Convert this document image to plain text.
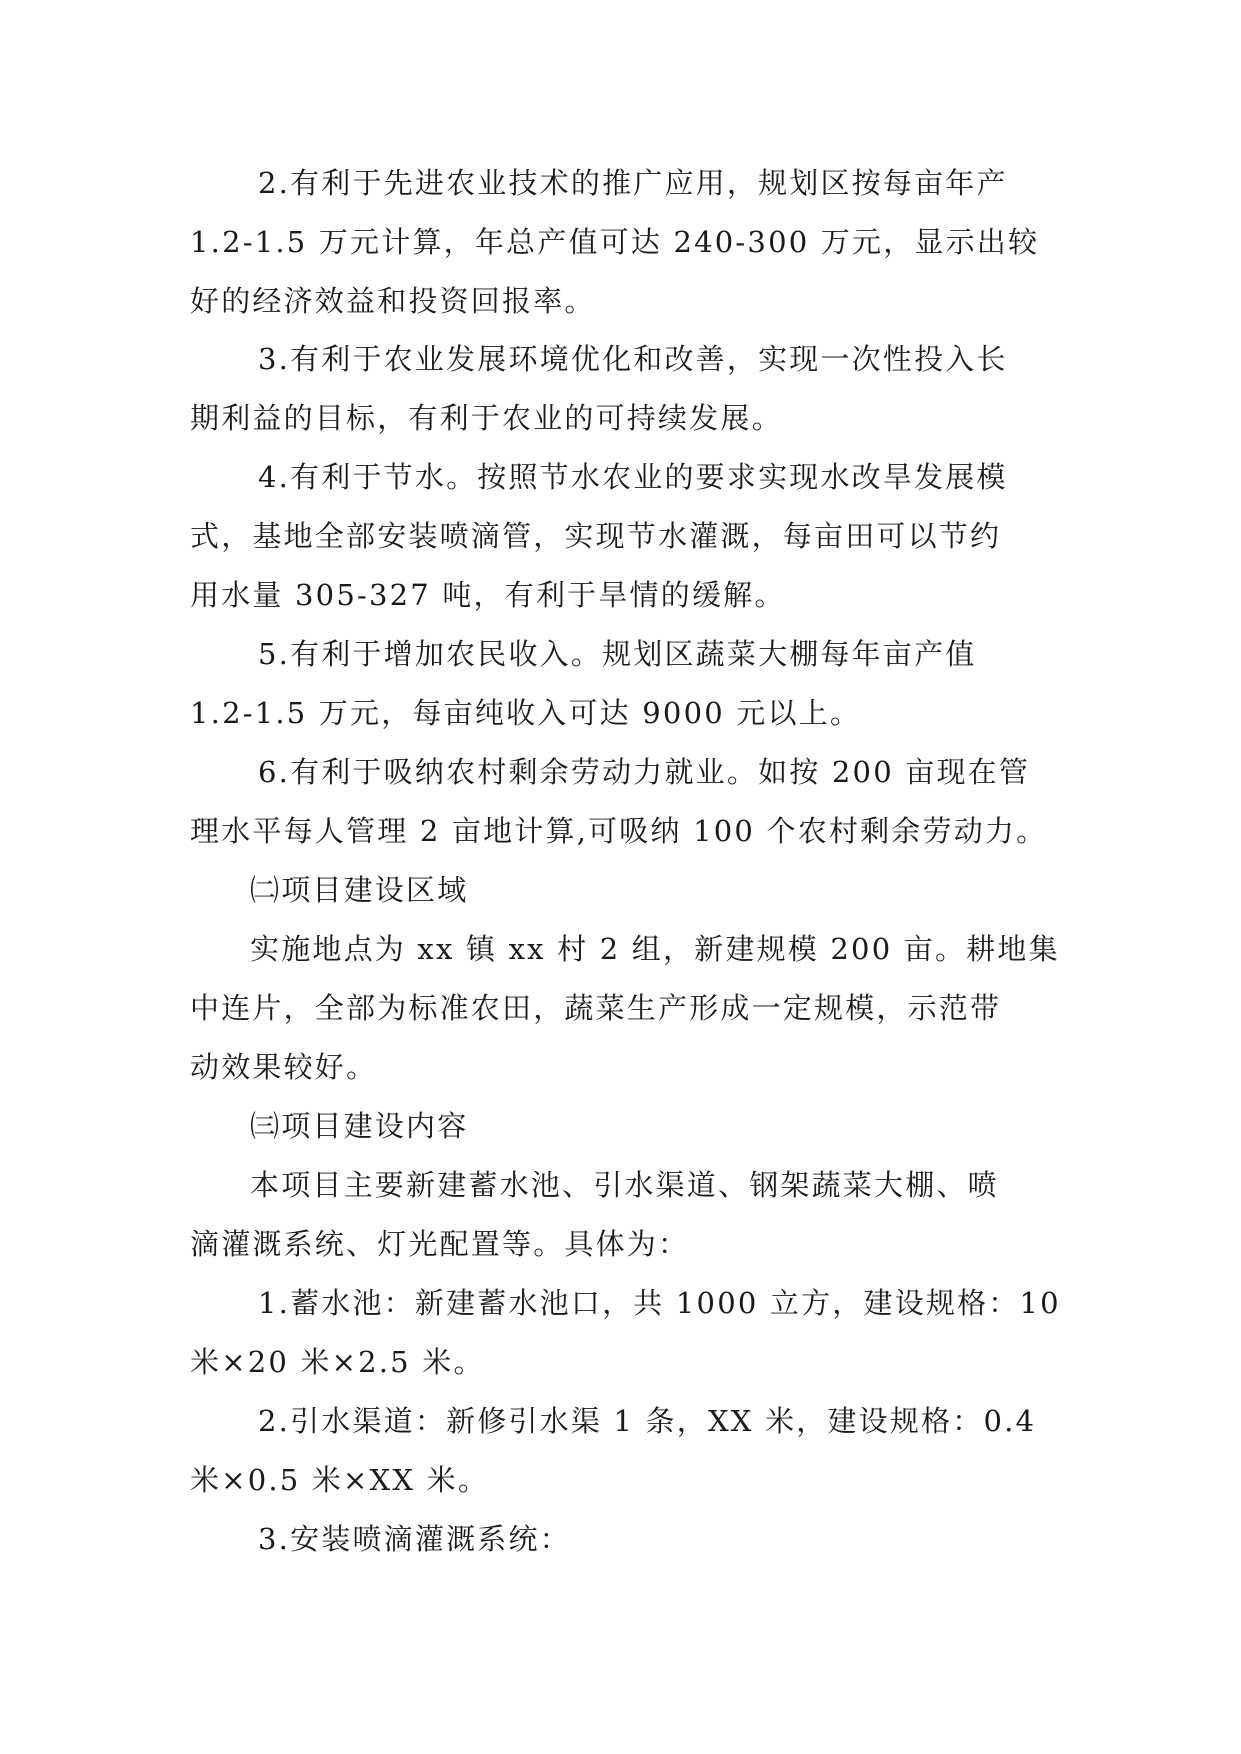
2.有利于先进农业技术的推广应用，规划区按每亩年产
1.2-1.5 万元计算，年总产值可达 240-300 万元，显示出较
好的经济效益和投资回报率。
3.有利于农业发展环境优化和改善，实现一次性投入长
期利益的目标，有利于农业的可持续发展。
4.有利于节水。按照节水农业的要求实现水改旱发展模
式，基地全部安装喷滴管，实现节水灌溉，每亩田可以节约
用水量 305-327 吨，有利于旱情的缓解。
5.有利于增加农民收入。规划区蔬菜大棚每年亩产值
1.2-1.5 万元，每亩纯收入可达 9000 元以上。
6.有利于吸纳农村剩余劳动力就业。如按 200 亩现在管
理水平每人管理 2 亩地计算,可吸纳 100 个农村剩余劳动力。
㈡项目建设区域
实施地点为 xx 镇 xx 村 2 组，新建规模 200 亩。耕地集
中连片，全部为标准农田，蔬菜生产形成一定规模，示范带
动效果较好。
㈢项目建设内容
本项目主要新建蓄水池、引水渠道、钢架蔬菜大棚、喷
滴灌溉系统、灯光配置等。具体为：
1.蓄水池：新建蓄水池口，共 1000 立方，建设规格：10
米×20 米×2.5 米。
2.引水渠道：新修引水渠 1 条，XX 米，建设规格：0.4
米×0.5 米×XX 米。
3.安装喷滴灌溉系统：
